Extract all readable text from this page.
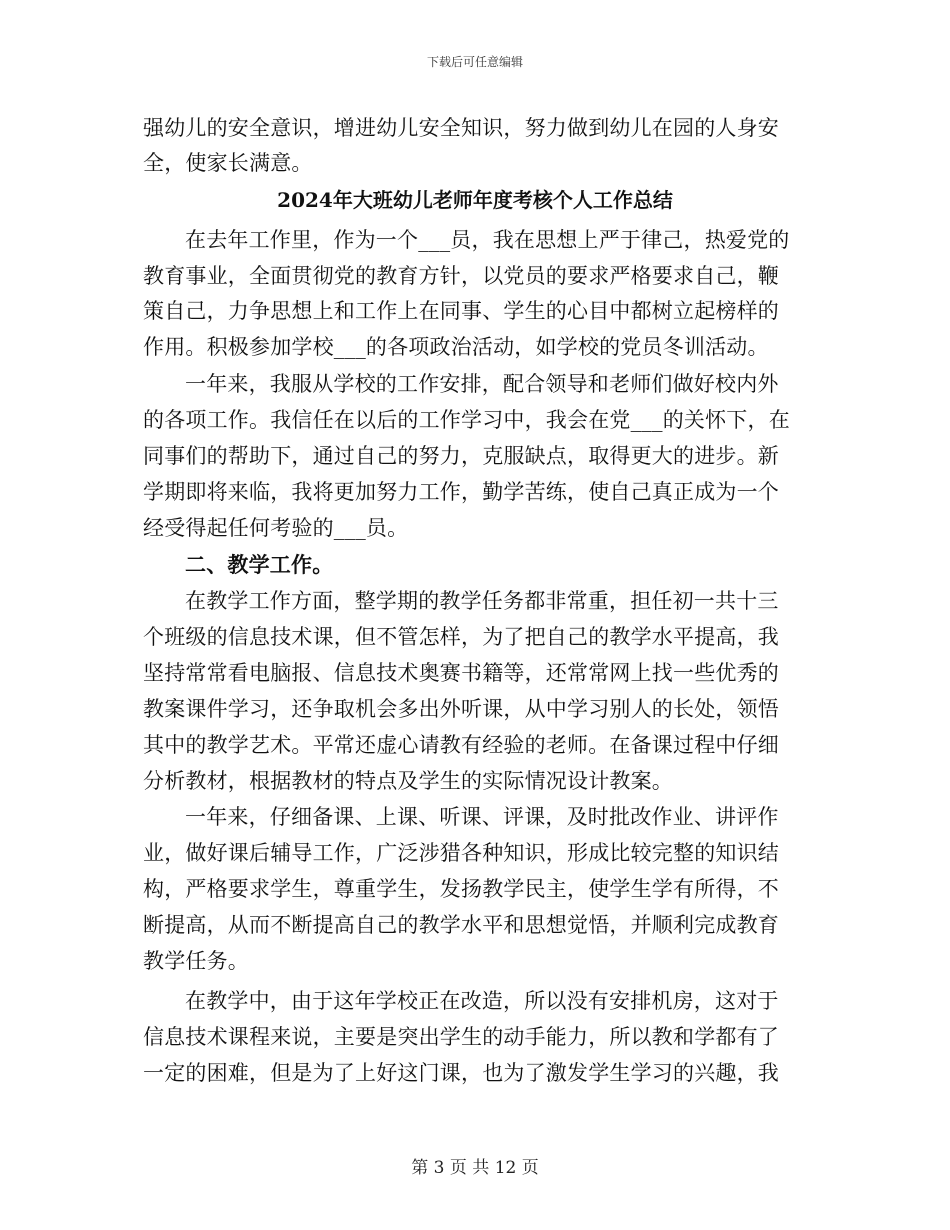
下载后可任意编辑
强幼儿的安全意识，增进幼儿安全知识，努力做到幼儿在园的人身安
全，使家长满意。
2024年大班幼儿老师年度考核个人工作总结
在去年工作里，作为一个___员，我在思想上严于律己，热爱党的
教育事业，全面贯彻党的教育方针，以党员的要求严格要求自己，鞭
策自己，力争思想上和工作上在同事、学生的心目中都树立起榜样的
作用。积极参加学校___的各项政治活动，如学校的党员冬训活动。
一年来，我服从学校的工作安排，配合领导和老师们做好校内外
的各项工作。我信任在以后的工作学习中，我会在党___的关怀下，在
同事们的帮助下，通过自己的努力，克服缺点，取得更大的进步。新
学期即将来临，我将更加努力工作，勤学苦练，使自己真正成为一个
经受得起任何考验的___员。
二、教学工作。
在教学工作方面，整学期的教学任务都非常重，担任初一共十三
个班级的信息技术课，但不管怎样，为了把自己的教学水平提高，我
坚持常常看电脑报、信息技术奥赛书籍等，还常常网上找一些优秀的
教案课件学习，还争取机会多出外听课，从中学习别人的长处，领悟
其中的教学艺术。平常还虚心请教有经验的老师。在备课过程中仔细
分析教材，根据教材的特点及学生的实际情况设计教案。
一年来，仔细备课、上课、听课、评课，及时批改作业、讲评作
业，做好课后辅导工作，广泛涉猎各种知识，形成比较完整的知识结
构，严格要求学生，尊重学生，发扬教学民主，使学生学有所得，不
断提高，从而不断提高自己的教学水平和思想觉悟，并顺利完成教育
教学任务。
在教学中，由于这年学校正在改造，所以没有安排机房，这对于
信息技术课程来说，主要是突出学生的动手能力，所以教和学都有了
一定的困难，但是为了上好这门课，也为了激发学生学习的兴趣，我
第 3 页 共 12 页
